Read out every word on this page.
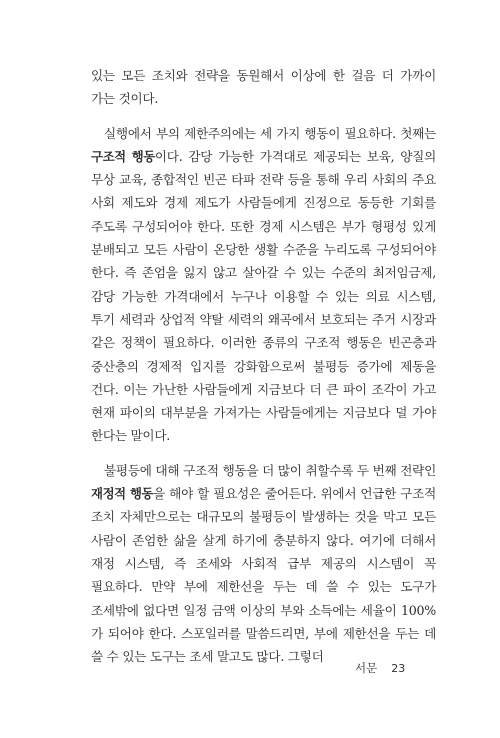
있는 모든 조치와 전략을 동원해서 이상에 한 걸음 더 가까이 가는 것이다.

실행에서 부의 제한주의에는 세 가지 행동이 필요하다. 첫째는 구조적 행동이다. 감당 가능한 가격대로 제공되는 보육, 양질의 무상 교육, 종합적인 빈곤 타파 전략 등을 통해 우리 사회의 주요 사회 제도와 경제 제도가 사람들에게 진정으로 동등한 기회를 주도록 구성되어야 한다. 또한 경제 시스템은 부가 형평성 있게 분배되고 모든 사람이 온당한 생활 수준을 누리도록 구성되어야 한다. 즉 존엄을 잃지 않고 살아갈 수 있는 수준의 최저임금제, 감당 가능한 가격대에서 누구나 이용할 수 있는 의료 시스템, 투기 세력과 상업적 약탈 세력의 왜곡에서 보호되는 주거 시장과 같은 정책이 필요하다. 이러한 종류의 구조적 행동은 빈곤층과 중산층의 경제적 입지를 강화함으로써 불평등 증가에 제동을 건다. 이는 가난한 사람들에게 지금보다 더 큰 파이 조각이 가고 현재 파이의 대부분을 가져가는 사람들에게는 지금보다 덜 가야 한다는 말이다.

불평등에 대해 구조적 행동을 더 많이 취할수록 두 번째 전략인 재정적 행동을 해야 할 필요성은 줄어든다. 위에서 언급한 구조적 조치 자체만으로는 대규모의 불평등이 발생하는 것을 막고 모든 사람이 존엄한 삶을 살게 하기에 충분하지 않다. 여기에 더해서 재정 시스템, 즉 조세와 사회적 급부 제공의 시스템이 꼭 필요하다. 만약 부에 제한선을 두는 데 쓸 수 있는 도구가 조세밖에 없다면 일정 금액 이상의 부와 소득에는 세율이 100%가 되어야 한다. 스포일러를 말씀드리면, 부에 제한선을 두는 데 쓸 수 있는 도구는 조세 말고도 많다. 그렇더

서문 23
